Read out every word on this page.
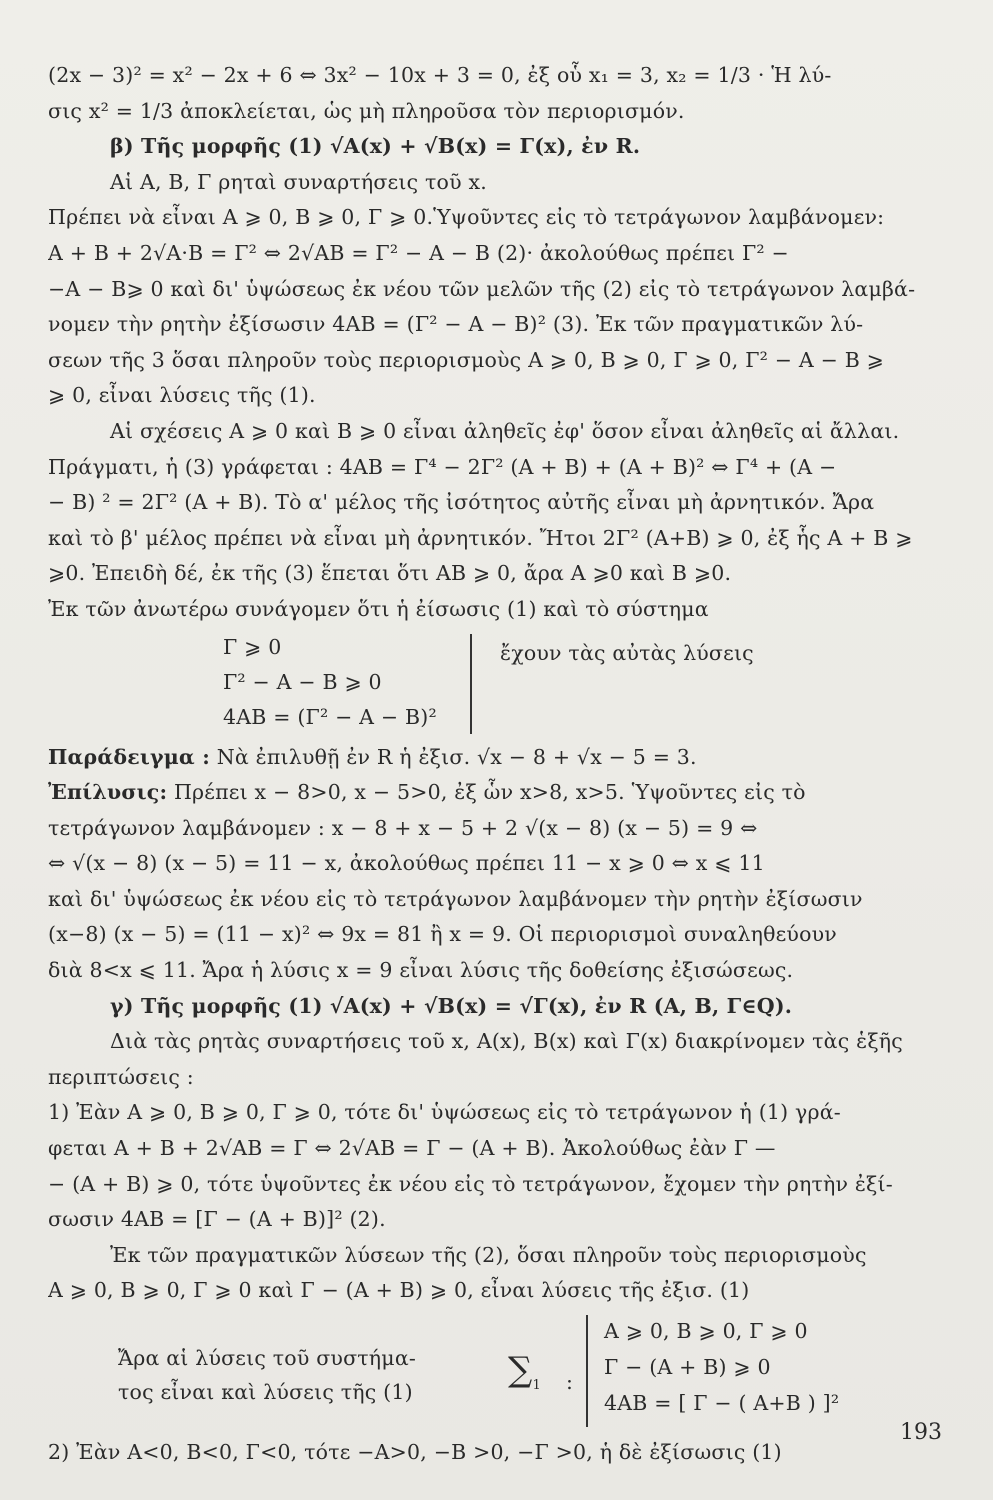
(2x − 3)² = x² − 2x + 6 ⇔ 3x² − 10x + 3 = 0, ἐξ οὗ x₁ = 3, x₂ = 1/3 · Ἡ λύ-
σις x² = 1/3 ἀποκλείεται, ὡς μὴ πληροῦσα τὸν περιορισμόν.
β) Τῆς μορφῆς (1) √A(x) + √B(x) = Γ(x), ἐν R.
Αἱ A, B, Γ ρηταὶ συναρτήσεις τοῦ x.
Πρέπει νὰ εἶναι A ⩾ 0, B ⩾ 0, Γ ⩾ 0.Ὑψοῦντες εἰς τὸ τετράγωνον λαμβάνομεν:
A + B + 2√A·B = Γ² ⇔ 2√AB = Γ² − A − B (2)· ἀκολούθως πρέπει Γ² −
−A − B⩾ 0 καὶ δι' ὑψώσεως ἐκ νέου τῶν μελῶν τῆς (2) εἰς τὸ τετράγωνον λαμβά-
νομεν τὴν ρητὴν ἐξίσωσιν 4AB = (Γ² − A − B)² (3). Ἐκ τῶν πραγματικῶν λύ-
σεων τῆς 3 ὅσαι πληροῦν τοὺς περιορισμοὺς A ⩾ 0, B ⩾ 0, Γ ⩾ 0, Γ² − A − B ⩾
⩾ 0, εἶναι λύσεις τῆς (1).
Αἱ σχέσεις A ⩾ 0 καὶ B ⩾ 0 εἶναι ἀληθεῖς ἐφ' ὅσον εἶναι ἀληθεῖς αἱ ἄλλαι.
Πράγματι, ἡ (3) γράφεται : 4AB = Γ⁴ − 2Γ² (A + B) + (A + B)² ⇔ Γ⁴ + (A −
− B) ² = 2Γ² (A + B). Τὸ α' μέλος τῆς ἰσότητος αὐτῆς εἶναι μὴ ἀρνητικόν. Ἄρα
καὶ τὸ β' μέλος πρέπει νὰ εἶναι μὴ ἀρνητικόν. Ἤτοι 2Γ² (A+B) ⩾ 0, ἐξ ἧς A + B ⩾
⩾0. Ἐπειδὴ δέ, ἐκ τῆς (3) ἕπεται ὅτι AB ⩾ 0, ἄρα A ⩾0 καὶ B ⩾0.
Ἐκ τῶν ἀνωτέρω συνάγομεν ὅτι ἡ ἐίσωσις (1) καὶ τὸ σύστημα
Γ ⩾ 0
Γ² − A − B ⩾ 0
4AB = (Γ² − A − B)²
ἔχουν τὰς αὐτὰς λύσεις
Παράδειγμα : Νὰ ἐπιλυθῇ ἐν R ἡ ἐξισ. √x − 8 + √x − 5 = 3.
Ἐπίλυσις: Πρέπει x − 8>0, x − 5>0, ἐξ ὧν x>8, x>5. Ὑψοῦντες εἰς τὸ
τετράγωνον λαμβάνομεν : x − 8 + x − 5 + 2 √(x − 8) (x − 5) = 9 ⇔
⇔ √(x − 8) (x − 5) = 11 − x, ἀκολούθως πρέπει 11 − x ⩾ 0 ⇔ x ⩽ 11
καὶ δι' ὑψώσεως ἐκ νέου εἰς τὸ τετράγωνον λαμβάνομεν τὴν ρητὴν ἐξίσωσιν
(x−8) (x − 5) = (11 − x)² ⇔ 9x = 81 ἢ x = 9. Οἱ περιορισμοὶ συναληθεύουν
διὰ 8<x ⩽ 11. Ἄρα ἡ λύσις x = 9 εἶναι λύσις τῆς δοθείσης ἐξισώσεως.
γ) Τῆς μορφῆς (1) √A(x) + √B(x) = √Γ(x), ἐν R (A, B, Γ∈Q).
Διὰ τὰς ρητὰς συναρτήσεις τοῦ x, A(x), B(x) καὶ Γ(x) διακρίνομεν τὰς ἑξῆς
περιπτώσεις :
1) Ἐὰν A ⩾ 0, B ⩾ 0, Γ ⩾ 0, τότε δι' ὑψώσεως εἰς τὸ τετράγωνον ἡ (1) γρά-
φεται A + B + 2√AB = Γ ⇔ 2√AB = Γ − (A + B). Ἀκολούθως ἐὰν Γ —
− (A + B) ⩾ 0, τότε ὑψοῦντες ἐκ νέου εἰς τὸ τετράγωνον, ἔχομεν τὴν ρητὴν ἐξί-
σωσιν 4AB = [Γ − (A + B)]² (2).
Ἐκ τῶν πραγματικῶν λύσεων τῆς (2), ὅσαι πληροῦν τοὺς περιορισμοὺς
A ⩾ 0, B ⩾ 0, Γ ⩾ 0 καὶ Γ − (A + B) ⩾ 0, εἶναι λύσεις τῆς ἐξισ. (1)
Ἄρα αἱ λύσεις τοῦ συστήμα-
τος εἶναι καὶ λύσεις τῆς (1)
$\sum_1$ :
A ⩾ 0, B ⩾ 0, Γ ⩾ 0
Γ − (A + B) ⩾ 0
4AB = [ Γ − ( A+B ) ]²
2) Ἐὰν A<0, B<0, Γ<0, τότε −A>0, −B >0, −Γ >0, ἡ δὲ ἐξίσωσις (1)
193
